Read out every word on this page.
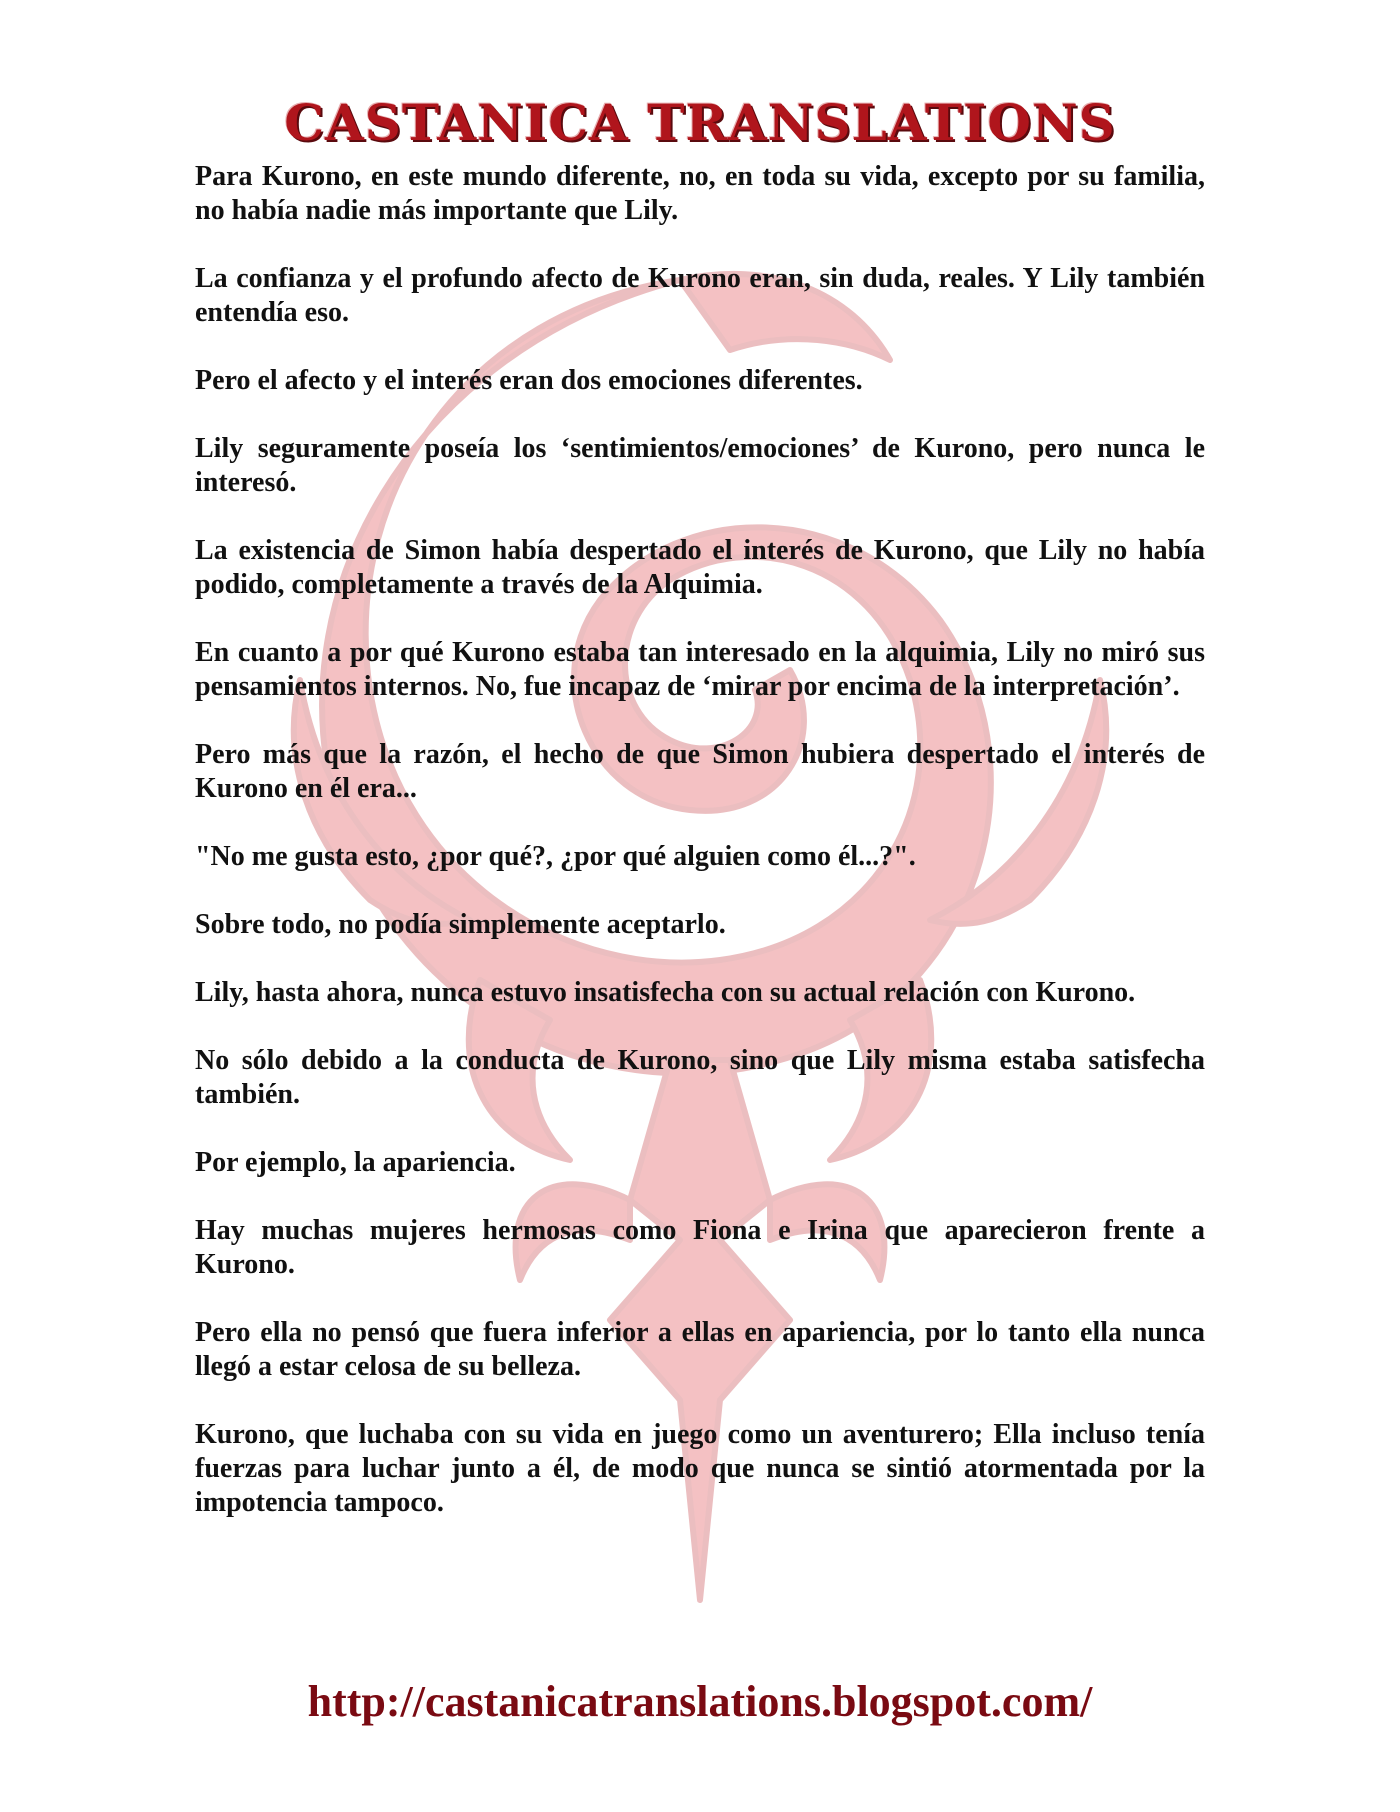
CASTANICA TRANSLATIONS

Para Kurono, en este mundo diferente, no, en toda su vida, excepto por su familia, no había nadie más importante que Lily.

La confianza y el profundo afecto de Kurono eran, sin duda, reales. Y Lily también entendía eso.

Pero el afecto y el interés eran dos emociones diferentes.

Lily seguramente poseía los ‘sentimientos/emociones’ de Kurono, pero nunca le interesó.

La existencia de Simon había despertado el interés de Kurono, que Lily no había podido, completamente a través de la Alquimia.

En cuanto a por qué Kurono estaba tan interesado en la alquimia, Lily no miró sus pensamientos internos. No, fue incapaz de ‘mirar por encima de la interpretación’.

Pero más que la razón, el hecho de que Simon hubiera despertado el interés de Kurono en él era...

"No me gusta esto, ¿por qué?, ¿por qué alguien como él...?".

Sobre todo, no podía simplemente aceptarlo.

Lily, hasta ahora, nunca estuvo insatisfecha con su actual relación con Kurono.

No sólo debido a la conducta de Kurono, sino que Lily misma estaba satisfecha también.

Por ejemplo, la apariencia.

Hay muchas mujeres hermosas como Fiona e Irina que aparecieron frente a Kurono.

Pero ella no pensó que fuera inferior a ellas en apariencia, por lo tanto ella nunca llegó a estar celosa de su belleza.

Kurono, que luchaba con su vida en juego como un aventurero; Ella incluso tenía fuerzas para luchar junto a él, de modo que nunca se sintió atormentada por la impotencia tampoco.

http://castanicatranslations.blogspot.com/
